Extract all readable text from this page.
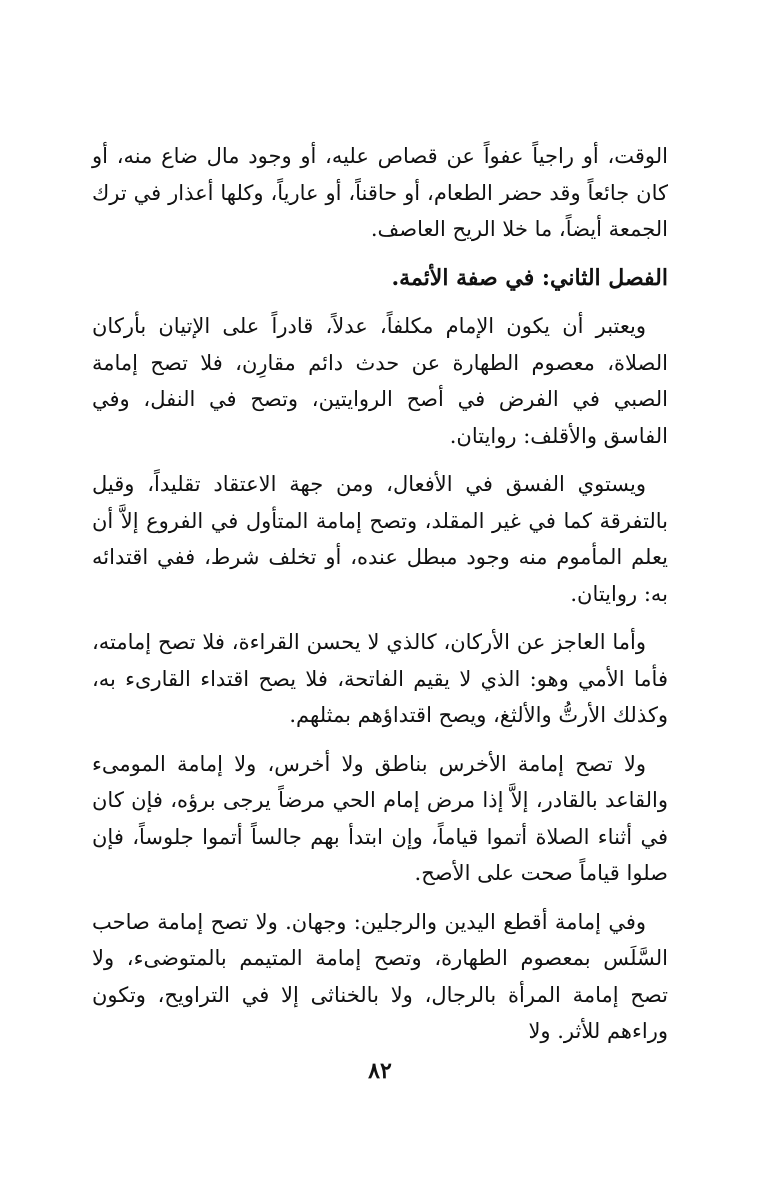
الوقت، أو راجياً عفواً عن قصاص عليه، أو وجود مال ضاع منه، أو كان جائعاً وقد حضر الطعام، أو حاقناً، أو عارياً، وكلها أعذار في ترك الجمعة أيضاً، ما خلا الريح العاصف.

الفصل الثاني: في صفة الأئمة.

ويعتبر أن يكون الإمام مكلفاً، عدلاً، قادراً على الإتيان بأركان الصلاة، معصوم الطهارة عن حدث دائم مقارِن، فلا تصح إمامة الصبي في الفرض في أصح الروايتين، وتصح في النفل، وفي الفاسق والأقلف: روايتان.

ويستوي الفسق في الأفعال، ومن جهة الاعتقاد تقليداً، وقيل بالتفرقة كما في غير المقلد، وتصح إمامة المتأول في الفروع إلاَّ أن يعلم المأموم منه وجود مبطل عنده، أو تخلف شرط، ففي اقتدائه به: روايتان.

وأما العاجز عن الأركان، كالذي لا يحسن القراءة، فلا تصح إمامته، فأما الأمي وهو: الذي لا يقيم الفاتحة، فلا يصح اقتداء القارىء به، وكذلك الأرتُّ والألثغ، ويصح اقتداؤهم بمثلهم.

ولا تصح إمامة الأخرس بناطق ولا أخرس، ولا إمامة المومىء والقاعد بالقادر، إلاَّ إذا مرض إمام الحي مرضاً يرجى برؤه، فإن كان في أثناء الصلاة أتموا قياماً، وإن ابتدأ بهم جالساً أتموا جلوساً، فإن صلوا قياماً صحت على الأصح.

وفي إمامة أقطع اليدين والرجلين: وجهان. ولا تصح إمامة صاحب السَّلَس بمعصوم الطهارة، وتصح إمامة المتيمم بالمتوضىء، ولا تصح إمامة المرأة بالرجال، ولا بالخناثى إلا في التراويح، وتكون وراءهم للأثر. ولا

٨٢
